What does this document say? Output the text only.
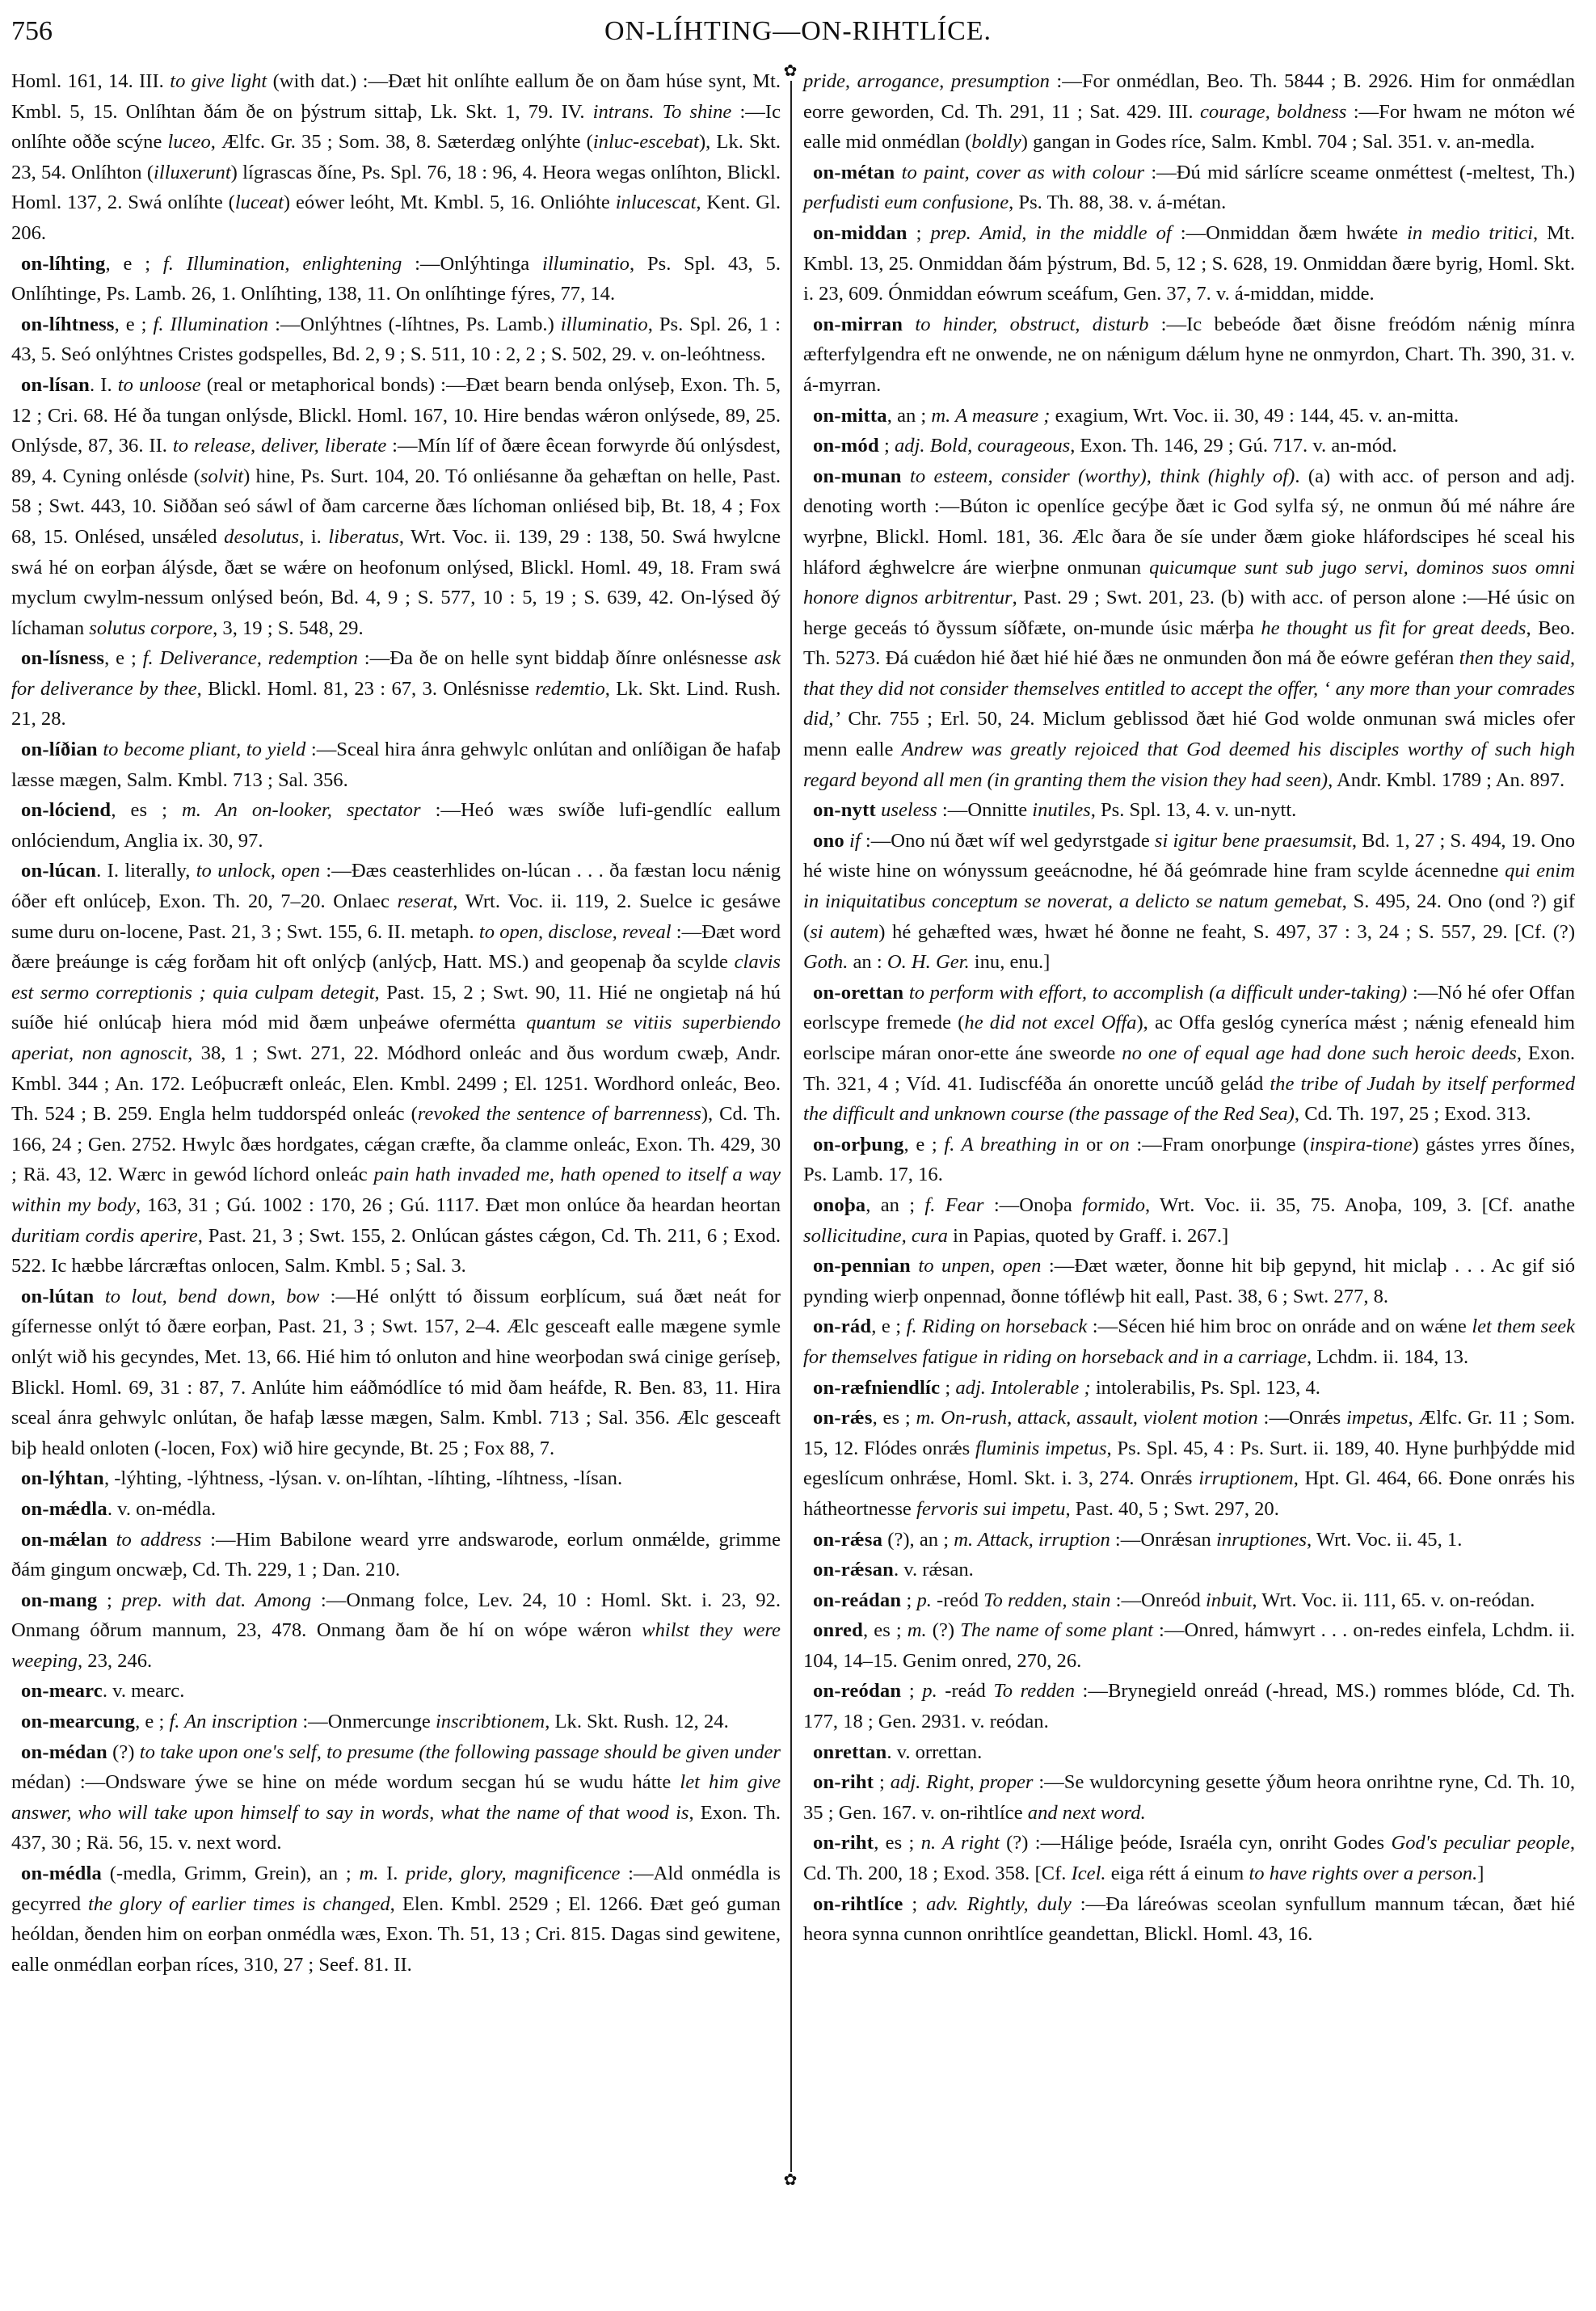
756	ON-LÍHTING—ON-RIHTLÍCE.

Homl. 161, 14. III. to give light (with dat.) :—Ðæt hit onlíhte eallum ðe on ðam húse synt, Mt. Kmbl. 5, 15. Onlíhtan ðám ðe on þýstrum sittaþ, Lk. Skt. 1, 79. IV. intrans. To shine :—Ic onlíhte oððe scýne luceo, Ælfc. Gr. 35 ; Som. 38, 8. Sæterdæg onlýhte (inluc-escebat), Lk. Skt. 23, 54. Onlíhton (illuxerunt) lígrascas ðíne, Ps. Spl. 76, 18 : 96, 4. Heora wegas onlíhton, Blickl. Homl. 137, 2. Swá onlíhte (luceat) eówer leóht, Mt. Kmbl. 5, 16. Onlióhte inlucescat, Kent. Gl. 206.

on-líhting, e ; f. Illumination, enlightening :—Onlýhtinga illuminatio, Ps. Spl. 43, 5. Onlíhtinge, Ps. Lamb. 26, 1. Onlíhting, 138, 11. On onlíhtinge fýres, 77, 14.

on-líhtness, e ; f. Illumination :—Onlýhtnes (-líhtnes, Ps. Lamb.) illuminatio, Ps. Spl. 26, 1 : 43, 5. Seó onlýhtnes Cristes godspelles, Bd. 2, 9 ; S. 511, 10 : 2, 2 ; S. 502, 29. v. on-leóhtness.

on-lísan. I. to unloose (real or metaphorical bonds) :—Ðæt bearn benda onlýseþ, Exon. Th. 5, 12 ; Cri. 68. Hé ða tungan onlýsde, Blickl. Homl. 167, 10. Hire bendas wǽron onlýsede, 89, 25. Onlýsde, 87, 36. II. to release, deliver, liberate :—Mín líf of ðære êcean forwyrde ðú onlýsdest, 89, 4. Cyning onlésde (solvit) hine, Ps. Surt. 104, 20. Tó onliésanne ða gehæftan on helle, Past. 58 ; Swt. 443, 10. Siððan seó sáwl of ðam carcerne ðæs líchoman onliésed biþ, Bt. 18, 4 ; Fox 68, 15. Onlésed, unsǽled desolutus, i. liberatus, Wrt. Voc. ii. 139, 29 : 138, 50. Swá hwylcne swá hé on eorþan álýsde, ðæt se wǽre on heofonum onlýsed, Blickl. Homl. 49, 18. Fram swá myclum cwylm-nessum onlýsed beón, Bd. 4, 9 ; S. 577, 10 : 5, 19 ; S. 639, 42. On-lýsed ðý líchaman solutus corpore, 3, 19 ; S. 548, 29.

on-lísness, e ; f. Deliverance, redemption :—Ða ðe on helle synt biddaþ ðínre onlésnesse ask for deliverance by thee, Blickl. Homl. 81, 23 : 67, 3. Onlésnisse redemtio, Lk. Skt. Lind. Rush. 21, 28.

on-líðian to become pliant, to yield :—Sceal hira ánra gehwylc onlútan and onlíðigan ðe hafaþ læsse mægen, Salm. Kmbl. 713 ; Sal. 356.

on-lóciend, es ; m. An on-looker, spectator :—Heó wæs swíðe lufi-gendlíc eallum onlóciendum, Anglia ix. 30, 97.

on-lúcan. I. literally, to unlock, open :—Ðæs ceasterhlides on-lúcan . . . ða fæstan locu nǽnig óðer eft onlúceþ, Exon. Th. 20, 7–20. Onlaec reserat, Wrt. Voc. ii. 119, 2. Suelce ic gesáwe sume duru on-locene, Past. 21, 3 ; Swt. 155, 6. II. metaph. to open, disclose, reveal :—Ðæt word ðære þreáunge is cǽg forðam hit oft onlýcþ (anlýcþ, Hatt. MS.) and geopenaþ ða scylde clavis est sermo correptionis ; quia culpam detegit, Past. 15, 2 ; Swt. 90, 11. Hié ne ongietaþ ná hú suíðe hié onlúcaþ hiera mód mid ðæm unþeáwe oferméttа quantum se vitiis superbiendo aperiat, non agnoscit, 38, 1 ; Swt. 271, 22. Módhord onleác and ðus wordum cwæþ, Andr. Kmbl. 344 ; An. 172. Leóþucræft onleác, Elen. Kmbl. 2499 ; El. 1251. Wordhord onleác, Beo. Th. 524 ; B. 259. Engla helm tuddorspéd onleác (revoked the sentence of barrenness), Cd. Th. 166, 24 ; Gen. 2752. Hwylc ðæs hordgates, cǽgan cræfte, ða clamme onleác, Exon. Th. 429, 30 ; Rä. 43, 12. Wærc in gewód líchord onleác pain hath invaded me, hath opened to itself a way within my body, 163, 31 ; Gú. 1002 : 170, 26 ; Gú. 1117. Ðæt mon onlúce ða heardan heortan duritiam cordis aperire, Past. 21, 3 ; Swt. 155, 2. Onlúcan gástes cǽgon, Cd. Th. 211, 6 ; Exod. 522. Ic hæbbe lárcræftas onlocen, Salm. Kmbl. 5 ; Sal. 3.

on-lútan to lout, bend down, bow :—Hé onlýtt tó ðissum eorþlícum, suá ðæt neát for gífernesse onlýt tó ðære eorþan, Past. 21, 3 ; Swt. 157, 2–4. Ælc gesceaft ealle mægene symle onlýt wið his gecyndes, Met. 13, 66. Hié him tó onluton and hine weorþodan swá cinige geríseþ, Blickl. Homl. 69, 31 : 87, 7. Anlúte him eáðmódlíce tó mid ðam heáfde, R. Ben. 83, 11. Hira sceal ánra gehwylc onlútan, ðe hafaþ læsse mægen, Salm. Kmbl. 713 ; Sal. 356. Ælc gesceaft biþ heald onloten (-locen, Fox) wið hire gecynde, Bt. 25 ; Fox 88, 7.

on-lýhtan, -lýhting, -lýhtness, -lýsan. v. on-líhtan, -líhting, -líhtness, -lísan.

on-mǽdla. v. on-médla.

on-mǽlan to address :—Him Babilone weard yrre andswarode, eorlum onmǽlde, grimme ðám gingum oncwæþ, Cd. Th. 229, 1 ; Dan. 210.

on-mang ; prep. with dat. Among :—Onmang folce, Lev. 24, 10 : Homl. Skt. i. 23, 92. Onmang óðrum mannum, 23, 478. Onmang ðam ðe hí on wópe wǽron whilst they were weeping, 23, 246.

on-mearc. v. mearc.

on-mearcung, e ; f. An inscription :—Onmercunge inscribtionem, Lk. Skt. Rush. 12, 24.

on-médan (?) to take upon one's self, to presume (the following passage should be given under médan) :—Ondsware ýwe se hine on méde wordum secgan hú se wudu hátte let him give answer, who will take upon himself to say in words, what the name of that wood is, Exon. Th. 437, 30 ; Rä. 56, 15. v. next word.

on-médla (-medla, Grimm, Grein), an ; m. I. pride, glory, magnificence :—Ald onmédla is gecyrred the glory of earlier times is changed, Elen. Kmbl. 2529 ; El. 1266. Ðæt geó guman heóldan, ðenden him on eorþan onmédla wæs, Exon. Th. 51, 13 ; Cri. 815. Dagas sind gewitene, ealle onmédlan eorþan ríces, 310, 27 ; Seef. 81. II.

✿
✿

pride, arrogance, presumption :—For onmédlan, Beo. Th. 5844 ; B. 2926. Him for onmǽdlan eorre geworden, Cd. Th. 291, 11 ; Sat. 429. III. courage, boldness :—For hwam ne móton wé ealle mid onmédlan (boldly) gangan in Godes ríce, Salm. Kmbl. 704 ; Sal. 351. v. an-medla.

on-métan to paint, cover as with colour :—Ðú mid sárlícre sceame onméttest (-meltest, Th.) perfudisti eum confusione, Ps. Th. 88, 38. v. á-métan.

on-middan ; prep. Amid, in the middle of :—Onmiddan ðæm hwǽte in medio tritici, Mt. Kmbl. 13, 25. Onmiddan ðám þýstrum, Bd. 5, 12 ; S. 628, 19. Onmiddan ðære byrig, Homl. Skt. i. 23, 609. Ónmiddan eówrum sceáfum, Gen. 37, 7. v. á-middan, midde.

on-mirran to hinder, obstruct, disturb :—Ic bebeóde ðæt ðisne freódóm nǽnig mínra æfterfylgendra eft ne onwende, ne on nǽnigum dǽlum hyne ne onmyrdon, Chart. Th. 390, 31. v. á-myrran.

on-mitta, an ; m. A measure ; exagium, Wrt. Voc. ii. 30, 49 : 144, 45. v. an-mitta.

on-mód ; adj. Bold, courageous, Exon. Th. 146, 29 ; Gú. 717. v. an-mód.

on-munan to esteem, consider (worthy), think (highly of). (a) with acc. of person and adj. denoting worth :—Búton ic openlíce gecýþe ðæt ic God sylfa sý, ne onmun ðú mé náhre áre wyrþne, Blickl. Homl. 181, 36. Ælc ðara ðe síe under ðæm gioke hláfordscipes hé sceal his hláford ǽghwelcre áre wierþne onmunan quicumque sunt sub jugo servi, dominos suos omni honore dignos arbitrentur, Past. 29 ; Swt. 201, 23. (b) with acc. of person alone :—Hé úsic on herge geceás tó ðyssum síðfæte, on-munde úsic mǽrþa he thought us fit for great deeds, Beo. Th. 5273. Ðá cuǽdon hié ðæt hié hié ðæs ne onmunden ðon má ðe eówre geféran then they said, that they did not consider themselves entitled to accept the offer, ‘ any more than your comrades did,’ Chr. 755 ; Erl. 50, 24. Miclum geblissod ðæt hié God wolde onmunan swá micles ofer menn ealle Andrew was greatly rejoiced that God deemed his disciples worthy of such high regard beyond all men (in granting them the vision they had seen), Andr. Kmbl. 1789 ; An. 897.

on-nytt useless :—Onnitte inutiles, Ps. Spl. 13, 4. v. un-nytt.

ono if :—Ono nú ðæt wíf wel gedyrstgade si igitur bene praesumsit, Bd. 1, 27 ; S. 494, 19. Ono hé wiste hine on wónyssum geeácnodne, hé ðá geómrade hine fram scylde ácennedne qui enim in iniquitatibus conceptum se noverat, a delicto se natum gemebat, S. 495, 24. Ono (ond ?) gif (si autem) hé gehæfted wæs, hwæt hé ðonne ne feaht, S. 497, 37 : 3, 24 ; S. 557, 29. [Cf. (?) Goth. an : O. H. Ger. inu, enu.]

on-orettan to perform with effort, to accomplish (a difficult under-taking) :—Nó hé ofer Offan eorlscype fremede (he did not excel Offa), ac Offa geslóg cyneríca mǽst ; nǽnig efeneald him eorlscipe máran onor-ette áne sweorde no one of equal age had done such heroic deeds, Exon. Th. 321, 4 ; Víd. 41. Iudiscféða án onorette uncúð gelád the tribe of Judah by itself performed the difficult and unknown course (the passage of the Red Sea), Cd. Th. 197, 25 ; Exod. 313.

on-orþung, e ; f. A breathing in or on :—Fram onorþunge (inspira-tione) gástes yrres ðínes, Ps. Lamb. 17, 16.

onoþa, an ; f. Fear :—Onoþa formido, Wrt. Voc. ii. 35, 75. Anoþa, 109, 3. [Cf. anathe sollicitudine, cura in Papias, quoted by Graff. i. 267.]

on-pennian to unpen, open :—Ðæt wæter, ðonne hit biþ gepynd, hit miclaþ . . . Ac gif sió pynding wierþ onpennad, ðonne tófléwþ hit eall, Past. 38, 6 ; Swt. 277, 8.

on-rád, e ; f. Riding on horseback :—Sécen hié him broc on onráde and on wǽne let them seek for themselves fatigue in riding on horseback and in a carriage, Lchdm. ii. 184, 13.

on-ræfniendlíc ; adj. Intolerable ; intolerabilis, Ps. Spl. 123, 4.

on-rǽs, es ; m. On-rush, attack, assault, violent motion :—Onrǽs impetus, Ælfc. Gr. 11 ; Som. 15, 12. Flódes onrǽs fluminis impetus, Ps. Spl. 45, 4 : Ps. Surt. ii. 189, 40. Hyne þurhþýdde mid egeslícum onhrǽse, Homl. Skt. i. 3, 274. Onrǽs irruptionem, Hpt. Gl. 464, 66. Ðone onrǽs his hátheortnesse fervoris sui impetu, Past. 40, 5 ; Swt. 297, 20.

on-rǽsa (?), an ; m. Attack, irruption :—Onrǽsan inruptiones, Wrt. Voc. ii. 45, 1.

on-rǽsan. v. rǽsan.

on-reádan ; p. -reód To redden, stain :—Onreód inbuit, Wrt. Voc. ii. 111, 65. v. on-reódan.

onred, es ; m. (?) The name of some plant :—Onred, hámwyrt . . . on-redes einfela, Lchdm. ii. 104, 14–15. Genim onred, 270, 26.

on-reódan ; p. -reád To redden :—Brynegield onreád (-hread, MS.) rommes blóde, Cd. Th. 177, 18 ; Gen. 2931. v. reódan.

onrettan. v. orrettan.

on-riht ; adj. Right, proper :—Se wuldorcyning gesette ýðum heora onrihtne ryne, Cd. Th. 10, 35 ; Gen. 167. v. on-rihtlíce and next word.

on-riht, es ; n. A right (?) :—Hálige þeóde, Israéla cyn, onriht Godes God's peculiar people, Cd. Th. 200, 18 ; Exod. 358. [Cf. Icel. eiga rétt á einum to have rights over a person.]

on-rihtlíce ; adv. Rightly, duly :—Ða láreówas sceolan synfullum mannum tǽcan, ðæt hié heora synna cunnon onrihtlíce geandettan, Blickl. Homl. 43, 16.
